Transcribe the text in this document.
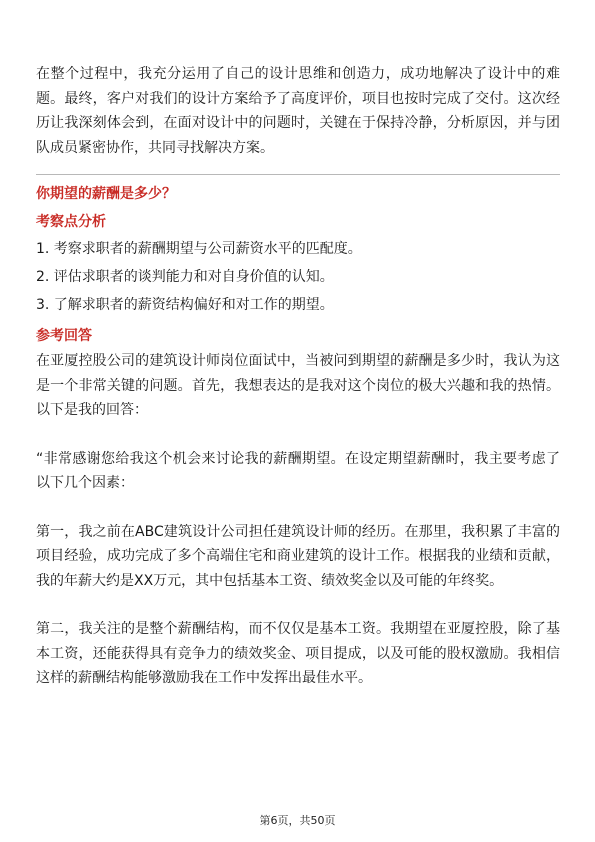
在整个过程中，我充分运用了自己的设计思维和创造力，成功地解决了设计中的难题。最终，客户对我们的设计方案给予了高度评价，项目也按时完成了交付。这次经历让我深刻体会到，在面对设计中的问题时，关键在于保持冷静，分析原因，并与团队成员紧密协作，共同寻找解决方案。

你期望的薪酬是多少？

考察点分析

1. 考察求职者的薪酬期望与公司薪资水平的匹配度。

2. 评估求职者的谈判能力和对自身价值的认知。

3. 了解求职者的薪资结构偏好和对工作的期望。

参考回答

在亚厦控股公司的建筑设计师岗位面试中，当被问到期望的薪酬是多少时，我认为这是一个非常关键的问题。首先，我想表达的是我对这个岗位的极大兴趣和我的热情。以下是我的回答：

“非常感谢您给我这个机会来讨论我的薪酬期望。在设定期望薪酬时，我主要考虑了以下几个因素：

第一，我之前在ABC建筑设计公司担任建筑设计师的经历。在那里，我积累了丰富的项目经验，成功完成了多个高端住宅和商业建筑的设计工作。根据我的业绩和贡献，我的年薪大约是XX万元，其中包括基本工资、绩效奖金以及可能的年终奖。

第二，我关注的是整个薪酬结构，而不仅仅是基本工资。我期望在亚厦控股，除了基本工资，还能获得具有竞争力的绩效奖金、项目提成，以及可能的股权激励。我相信这样的薪酬结构能够激励我在工作中发挥出最佳水平。

第6页，共50页
